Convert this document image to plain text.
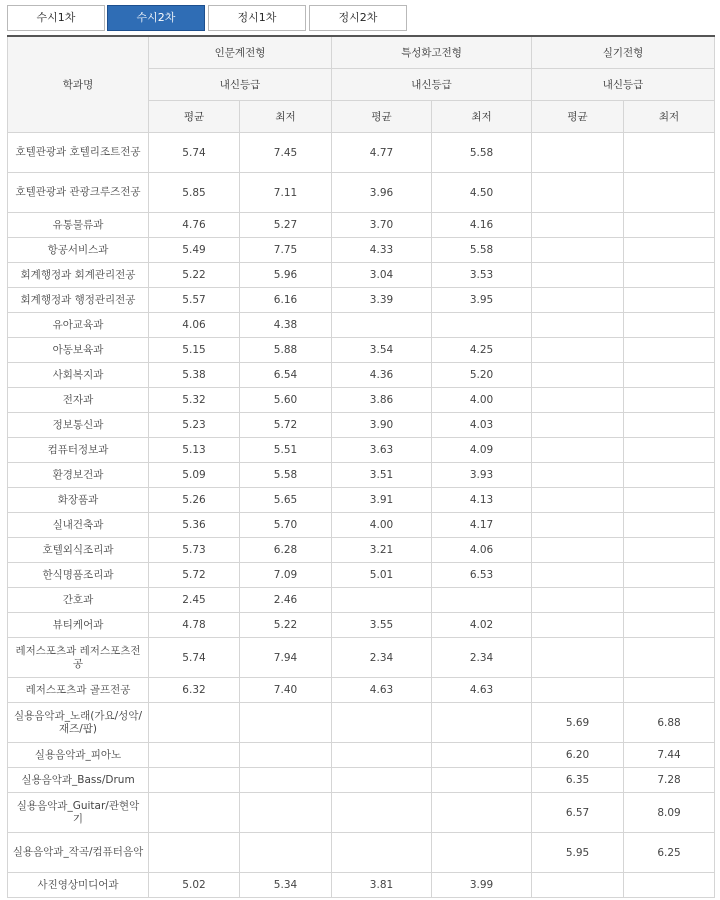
수시1차	수시2차	정시1차	정시2차
학과명	인문계전형		특성화고전형		실기전형	
	내신등급		내신등급		내신등급	
	평균	최저	평균	최저	평균	최저
호텔관광과 호텔리조트전공	5.74	7.45	4.77	5.58		
호텔관광과 관광크루즈전공	5.85	7.11	3.96	4.50		
유통물류과	4.76	5.27	3.70	4.16		
항공서비스과	5.49	7.75	4.33	5.58		
회계행정과 회계관리전공	5.22	5.96	3.04	3.53		
회계행정과 행정관리전공	5.57	6.16	3.39	3.95		
유아교육과	4.06	4.38				
아동보육과	5.15	5.88	3.54	4.25		
사회복지과	5.38	6.54	4.36	5.20		
전자과	5.32	5.60	3.86	4.00		
정보통신과	5.23	5.72	3.90	4.03		
컴퓨터정보과	5.13	5.51	3.63	4.09		
환경보건과	5.09	5.58	3.51	3.93		
화장품과	5.26	5.65	3.91	4.13		
실내건축과	5.36	5.70	4.00	4.17		
호텔외식조리과	5.73	6.28	3.21	4.06		
한식명품조리과	5.72	7.09	5.01	6.53		
간호과	2.45	2.46				
뷰티케어과	4.78	5.22	3.55	4.02		
레저스포츠과 레저스포츠전공	5.74	7.94	2.34	2.34		
레저스포츠과 골프전공	6.32	7.40	4.63	4.63		
실용음악과_노래(가요/성악/재즈/팝)					5.69	6.88
실용음악과_피아노					6.20	7.44
실용음악과_Bass/Drum					6.35	7.28
실용음악과_Guitar/관현악기					6.57	8.09
실용음악과_작곡/컴퓨터음악					5.95	6.25
사진영상미디어과	5.02	5.34	3.81	3.99		
